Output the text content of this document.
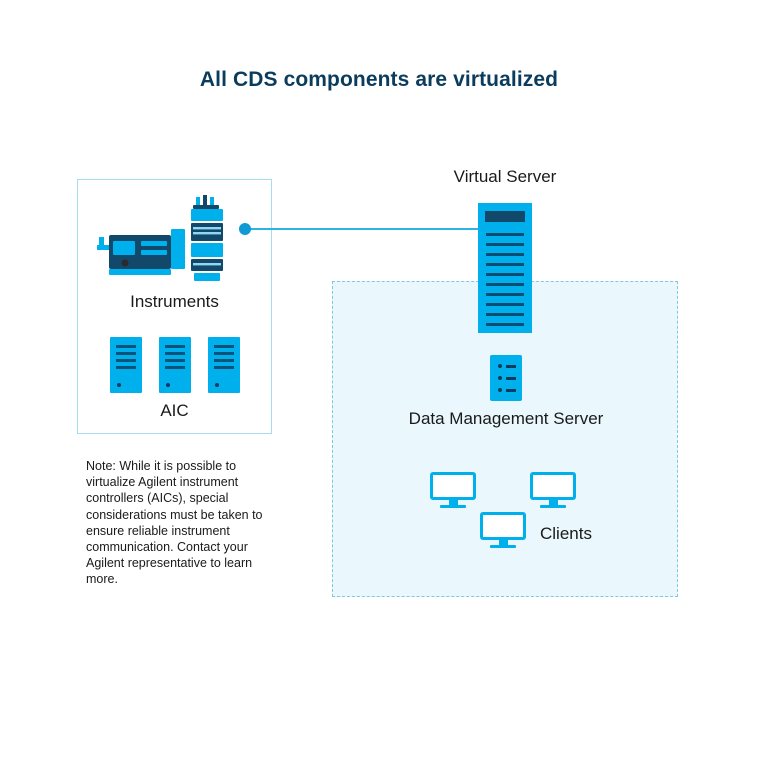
All CDS components are virtualized
Instruments
AIC
Note: While it is possible to virtualize Agilent instrument controllers (AICs), special considerations must be taken to ensure reliable instrument communication. Contact your Agilent representative to learn more.
Virtual Server
Data Management Server
Clients
